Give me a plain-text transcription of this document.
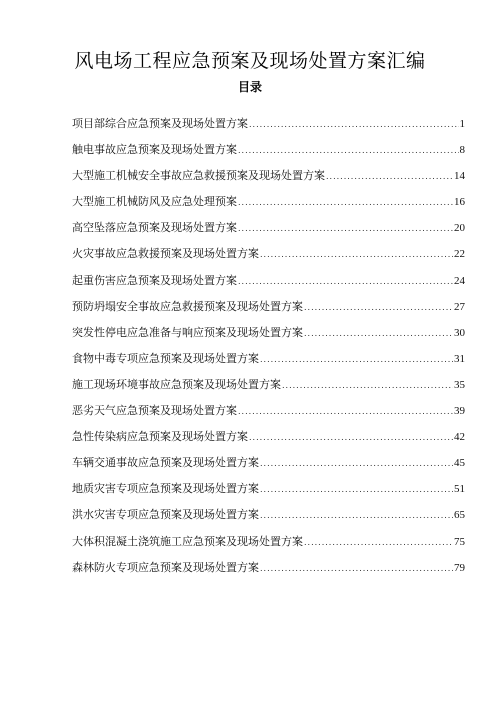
风电场工程应急预案及现场处置方案汇编
目录
项目部综合应急预案及现场处置方案 .....	1
触电事故应急预案及现场处置方案 .....	8
大型施工机械安全事故应急救援预案及现场处置方案 .....	14
大型施工机械防风及应急处理预案 .....	16
高空坠落应急预案及现场处置方案 .....	20
火灾事故应急救援预案及现场处置方案 .....	22
起重伤害应急预案及现场处置方案 .....	24
预防坍塌安全事故应急救援预案及现场处置方案 .....	27
突发性停电应急准备与响应预案及现场处置方案 .....	30
食物中毒专项应急预案及现场处置方案 .....	31
施工现场环境事故应急预案及现场处置方案 .....	35
恶劣天气应急预案及现场处置方案 .....	39
急性传染病应急预案及现场处置方案 .....	42
车辆交通事故应急预案及现场处置方案 .....	45
地质灾害专项应急预案及现场处置方案 .....	51
洪水灾害专项应急预案及现场处置方案 .....	65
大体积混凝土浇筑施工应急预案及现场处置方案 .....	75
森林防火专项应急预案及现场处置方案 .....	79
